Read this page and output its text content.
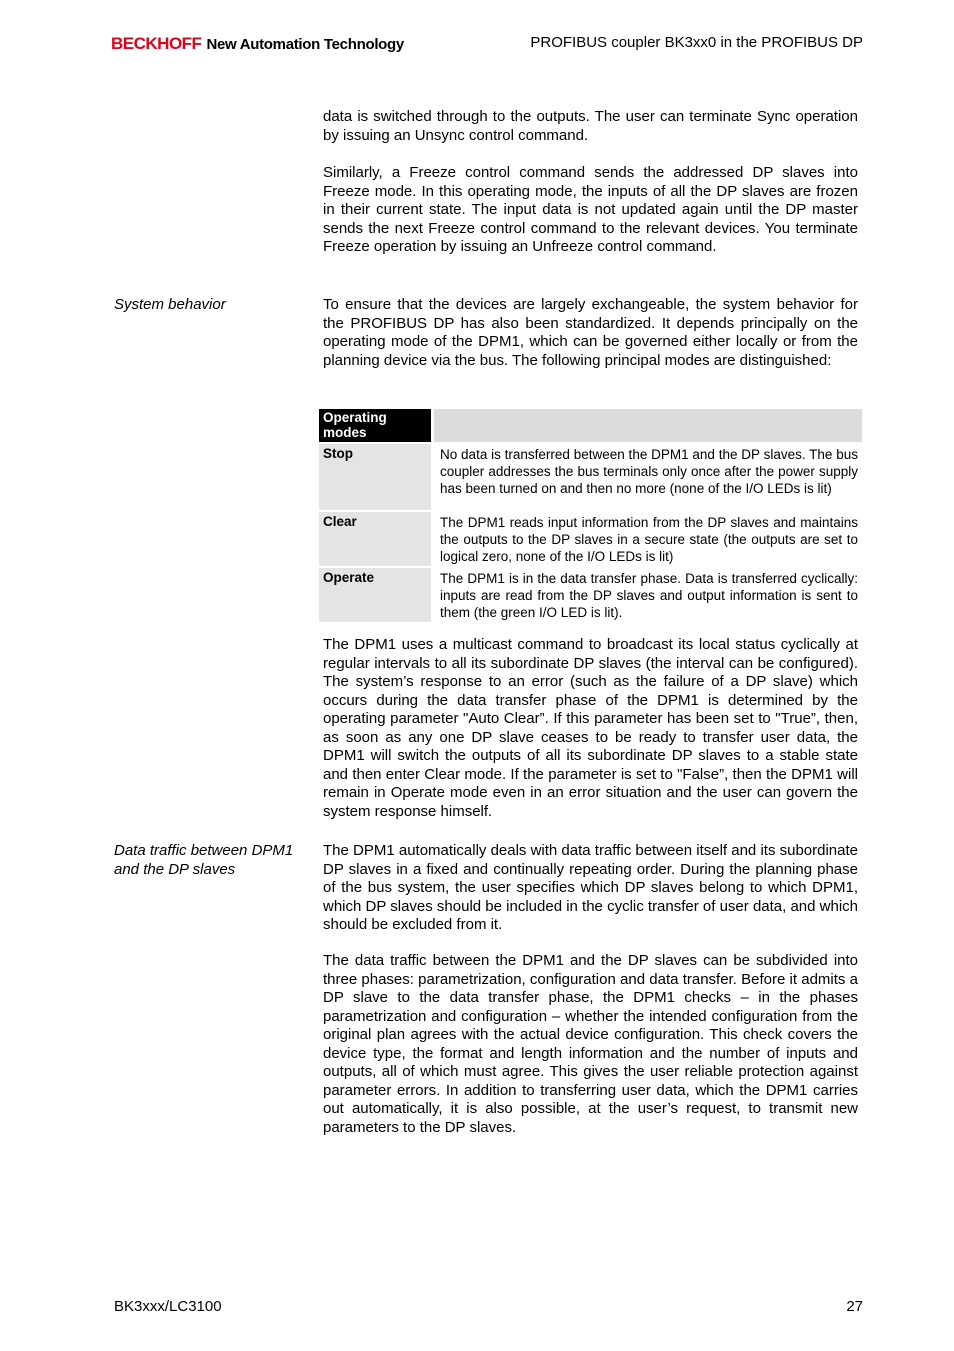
BECKHOFF New Automation Technology	PROFIBUS coupler BK3xx0 in the PROFIBUS DP
data is switched through to the outputs. The user can terminate Sync operation by issuing an Unsync control command.
Similarly, a Freeze control command sends the addressed DP slaves into Freeze mode. In this operating mode, the inputs of all the DP slaves are frozen in their current state. The input data is not updated again until the DP master sends the next Freeze control command to the relevant devices. You terminate Freeze operation by issuing an Unfreeze control command.
System behavior	To ensure that the devices are largely exchangeable, the system behavior for the PROFIBUS DP has also been standardized. It depends principally on the operating mode of the DPM1, which can be governed either locally or from the planning device via the bus. The following principal modes are distinguished:
Operating modes	
Stop	No data is transferred between the DPM1 and the DP slaves. The bus coupler addresses the bus terminals only once after the power supply has been turned on and then no more (none of the I/O LEDs is lit)
Clear	The DPM1 reads input information from the DP slaves and maintains the outputs to the DP slaves in a secure state (the outputs are set to logical zero, none of the I/O LEDs is lit)
Operate	The DPM1 is in the data transfer phase. Data is transferred cyclically: inputs are read from the DP slaves and output information is sent to them (the green I/O LED is lit).
The DPM1 uses a multicast command to broadcast its local status cyclically at regular intervals to all its subordinate DP slaves (the interval can be configured). The system’s response to an error (such as the failure of a DP slave) which occurs during the data transfer phase of the DPM1 is determined by the operating parameter "Auto Clear”. If this parameter has been set to "True”, then, as soon as any one DP slave ceases to be ready to transfer user data, the DPM1 will switch the outputs of all its subordinate DP slaves to a stable state and then enter Clear mode. If the parameter is set to "False”, then the DPM1 will remain in Operate mode even in an error situation and the user can govern the system response himself.
Data traffic between DPM1 and the DP slaves
The DPM1 automatically deals with data traffic between itself and its subordinate DP slaves in a fixed and continually repeating order. During the planning phase of the bus system, the user specifies which DP slaves belong to which DPM1, which DP slaves should be included in the cyclic transfer of user data, and which should be excluded from it.
The data traffic between the DPM1 and the DP slaves can be subdivided into three phases: parametrization, configuration and data transfer. Before it admits a DP slave to the data transfer phase, the DPM1 checks – in the phases parametrization and configuration – whether the intended configuration from the original plan agrees with the actual device configuration. This check covers the device type, the format and length information and the number of inputs and outputs, all of which must agree. This gives the user reliable protection against parameter errors. In addition to transferring user data, which the DPM1 carries out automatically, it is also possible, at the user’s request, to transmit new parameters to the DP slaves.
BK3xxx/LC3100	27
